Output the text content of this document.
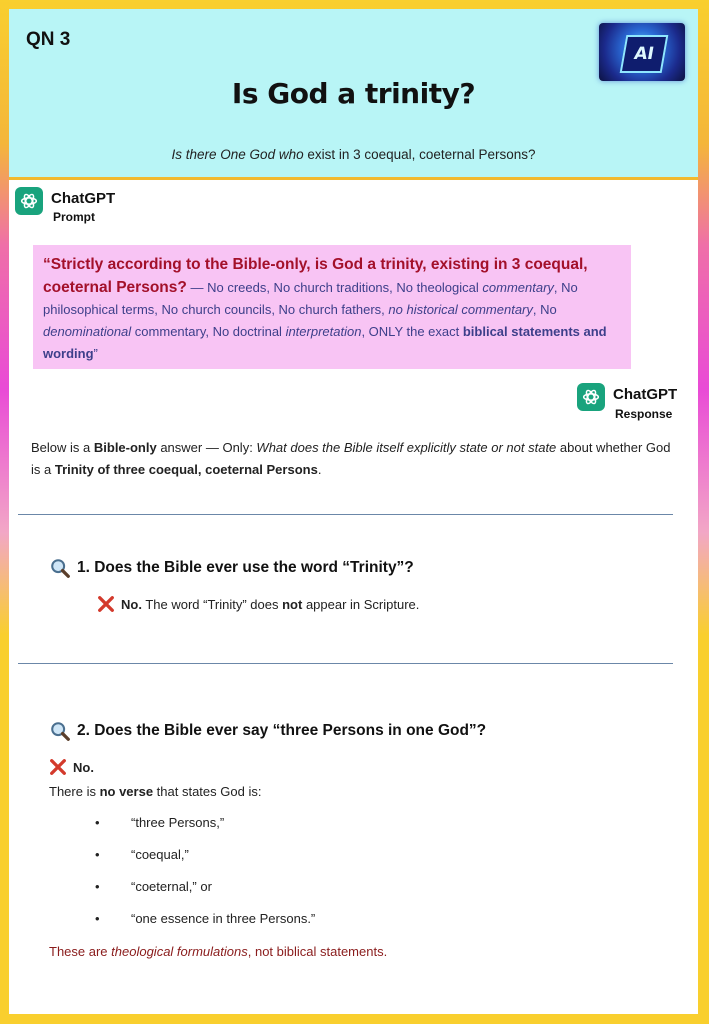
QN 3
AI
Is God a trinity?
Is there One God who exist in 3 coequal, coeternal Persons?
ChatGPT
Prompt
“Strictly according to the Bible-only, is God a trinity, existing in 3 coequal, coeternal Persons? — No creeds, No church traditions, No theological commentary, No philosophical terms, No church councils, No church fathers, no historical commentary, No denominational commentary, No doctrinal interpretation, ONLY the exact biblical statements and wording”
ChatGPT
Response
Below is a Bible-only answer — Only: What does the Bible itself explicitly state or not state about whether God is a Trinity of three coequal, coeternal Persons.
1. Does the Bible ever use the word “Trinity”?
No. The word “Trinity” does not appear in Scripture.
2. Does the Bible ever say “three Persons in one God”?
No.
There is no verse that states God is:
• “three Persons,”
• “coequal,”
• “coeternal,” or
• “one essence in three Persons.”
These are theological formulations, not biblical statements.
